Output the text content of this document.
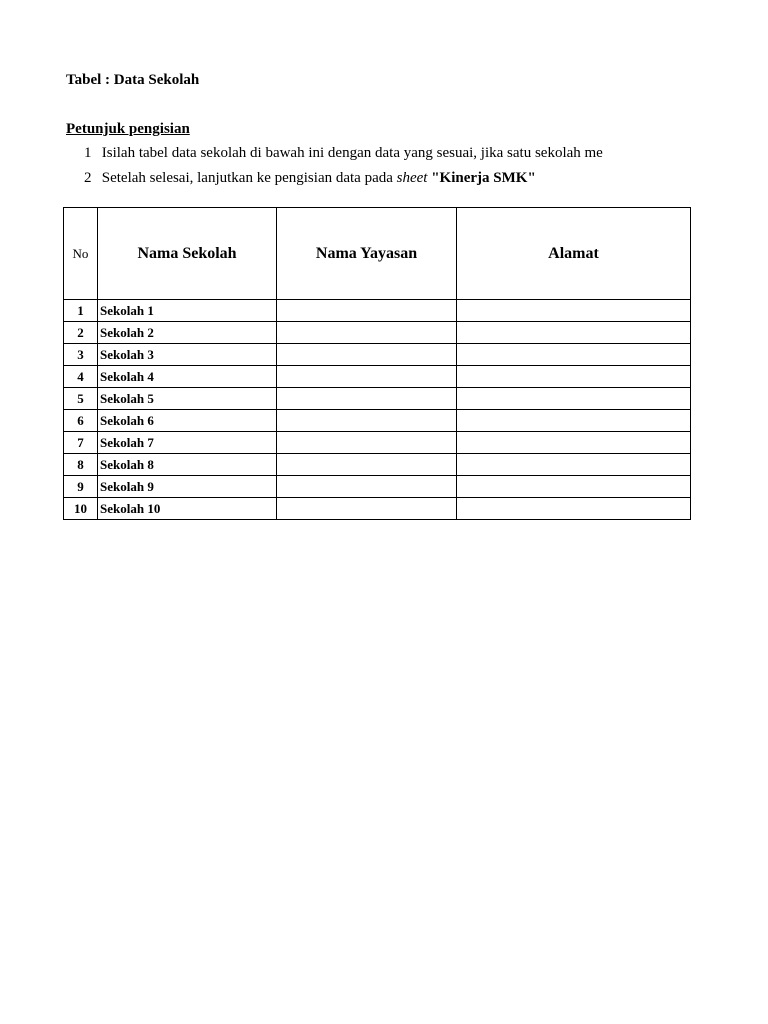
Tabel : Data Sekolah
Petunjuk pengisian
1 Isilah tabel data sekolah di bawah ini dengan data yang sesuai, jika satu sekolah me
2 Setelah selesai, lanjutkan ke pengisian data pada sheet "Kinerja SMK"
No	Nama Sekolah	Nama Yayasan	Alamat
1	Sekolah 1		
2	Sekolah 2		
3	Sekolah 3		
4	Sekolah 4		
5	Sekolah 5		
6	Sekolah 6		
7	Sekolah 7		
8	Sekolah 8		
9	Sekolah 9		
10	Sekolah 10		
